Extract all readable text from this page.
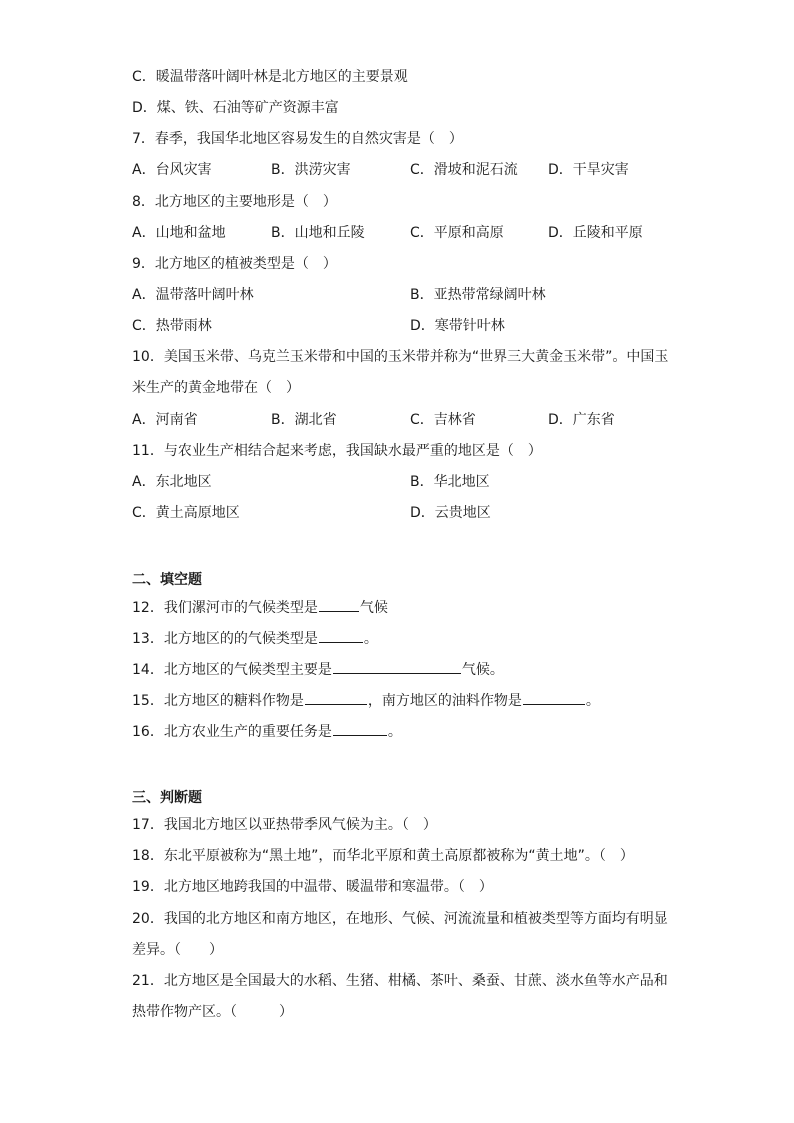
C．暖温带落叶阔叶林是北方地区的主要景观
D．煤、铁、石油等矿产资源丰富
7．春季，我国华北地区容易发生的自然灾害是（　）
A．台风灾害	B．洪涝灾害	C．滑坡和泥石流 D．干旱灾害
8．北方地区的主要地形是（　）
A．山地和盆地	B．山地和丘陵	C．平原和高原	D．丘陵和平原
9．北方地区的植被类型是（　）
A．温带落叶阔叶林	B．亚热带常绿阔叶林
C．热带雨林	D．寒带针叶林
10．美国玉米带、乌克兰玉米带和中国的玉米带并称为“世界三大黄金玉米带”。中国玉
米生产的黄金地带在（　）
A．河南省	B．湖北省	C．吉林省	D．广东省
11．与农业生产相结合起来考虑，我国缺水最严重的地区是（　）
A．东北地区	B．华北地区
C．黄土高原地区	D．云贵地区
二、填空题
12．我们漯河市的气候类型是	气候
13．北方地区的的气候类型是	。
14．北方地区的气候类型主要是	气候。
15．北方地区的糖料作物是	，南方地区的油料作物是	。
16．北方农业生产的重要任务是	。
三、判断题
17．我国北方地区以亚热带季风气候为主。（　）
18．东北平原被称为“黑土地”，而华北平原和黄土高原都被称为“黄土地”。（　）
19．北方地区地跨我国的中温带、暖温带和寒温带。（　）
20．我国的北方地区和南方地区，在地形、气候、河流流量和植被类型等方面均有明显
差异。（　　）
21．北方地区是全国最大的水稻、生猪、柑橘、茶叶、桑蚕、甘蔗、淡水鱼等水产品和
热带作物产区。（　　　）
